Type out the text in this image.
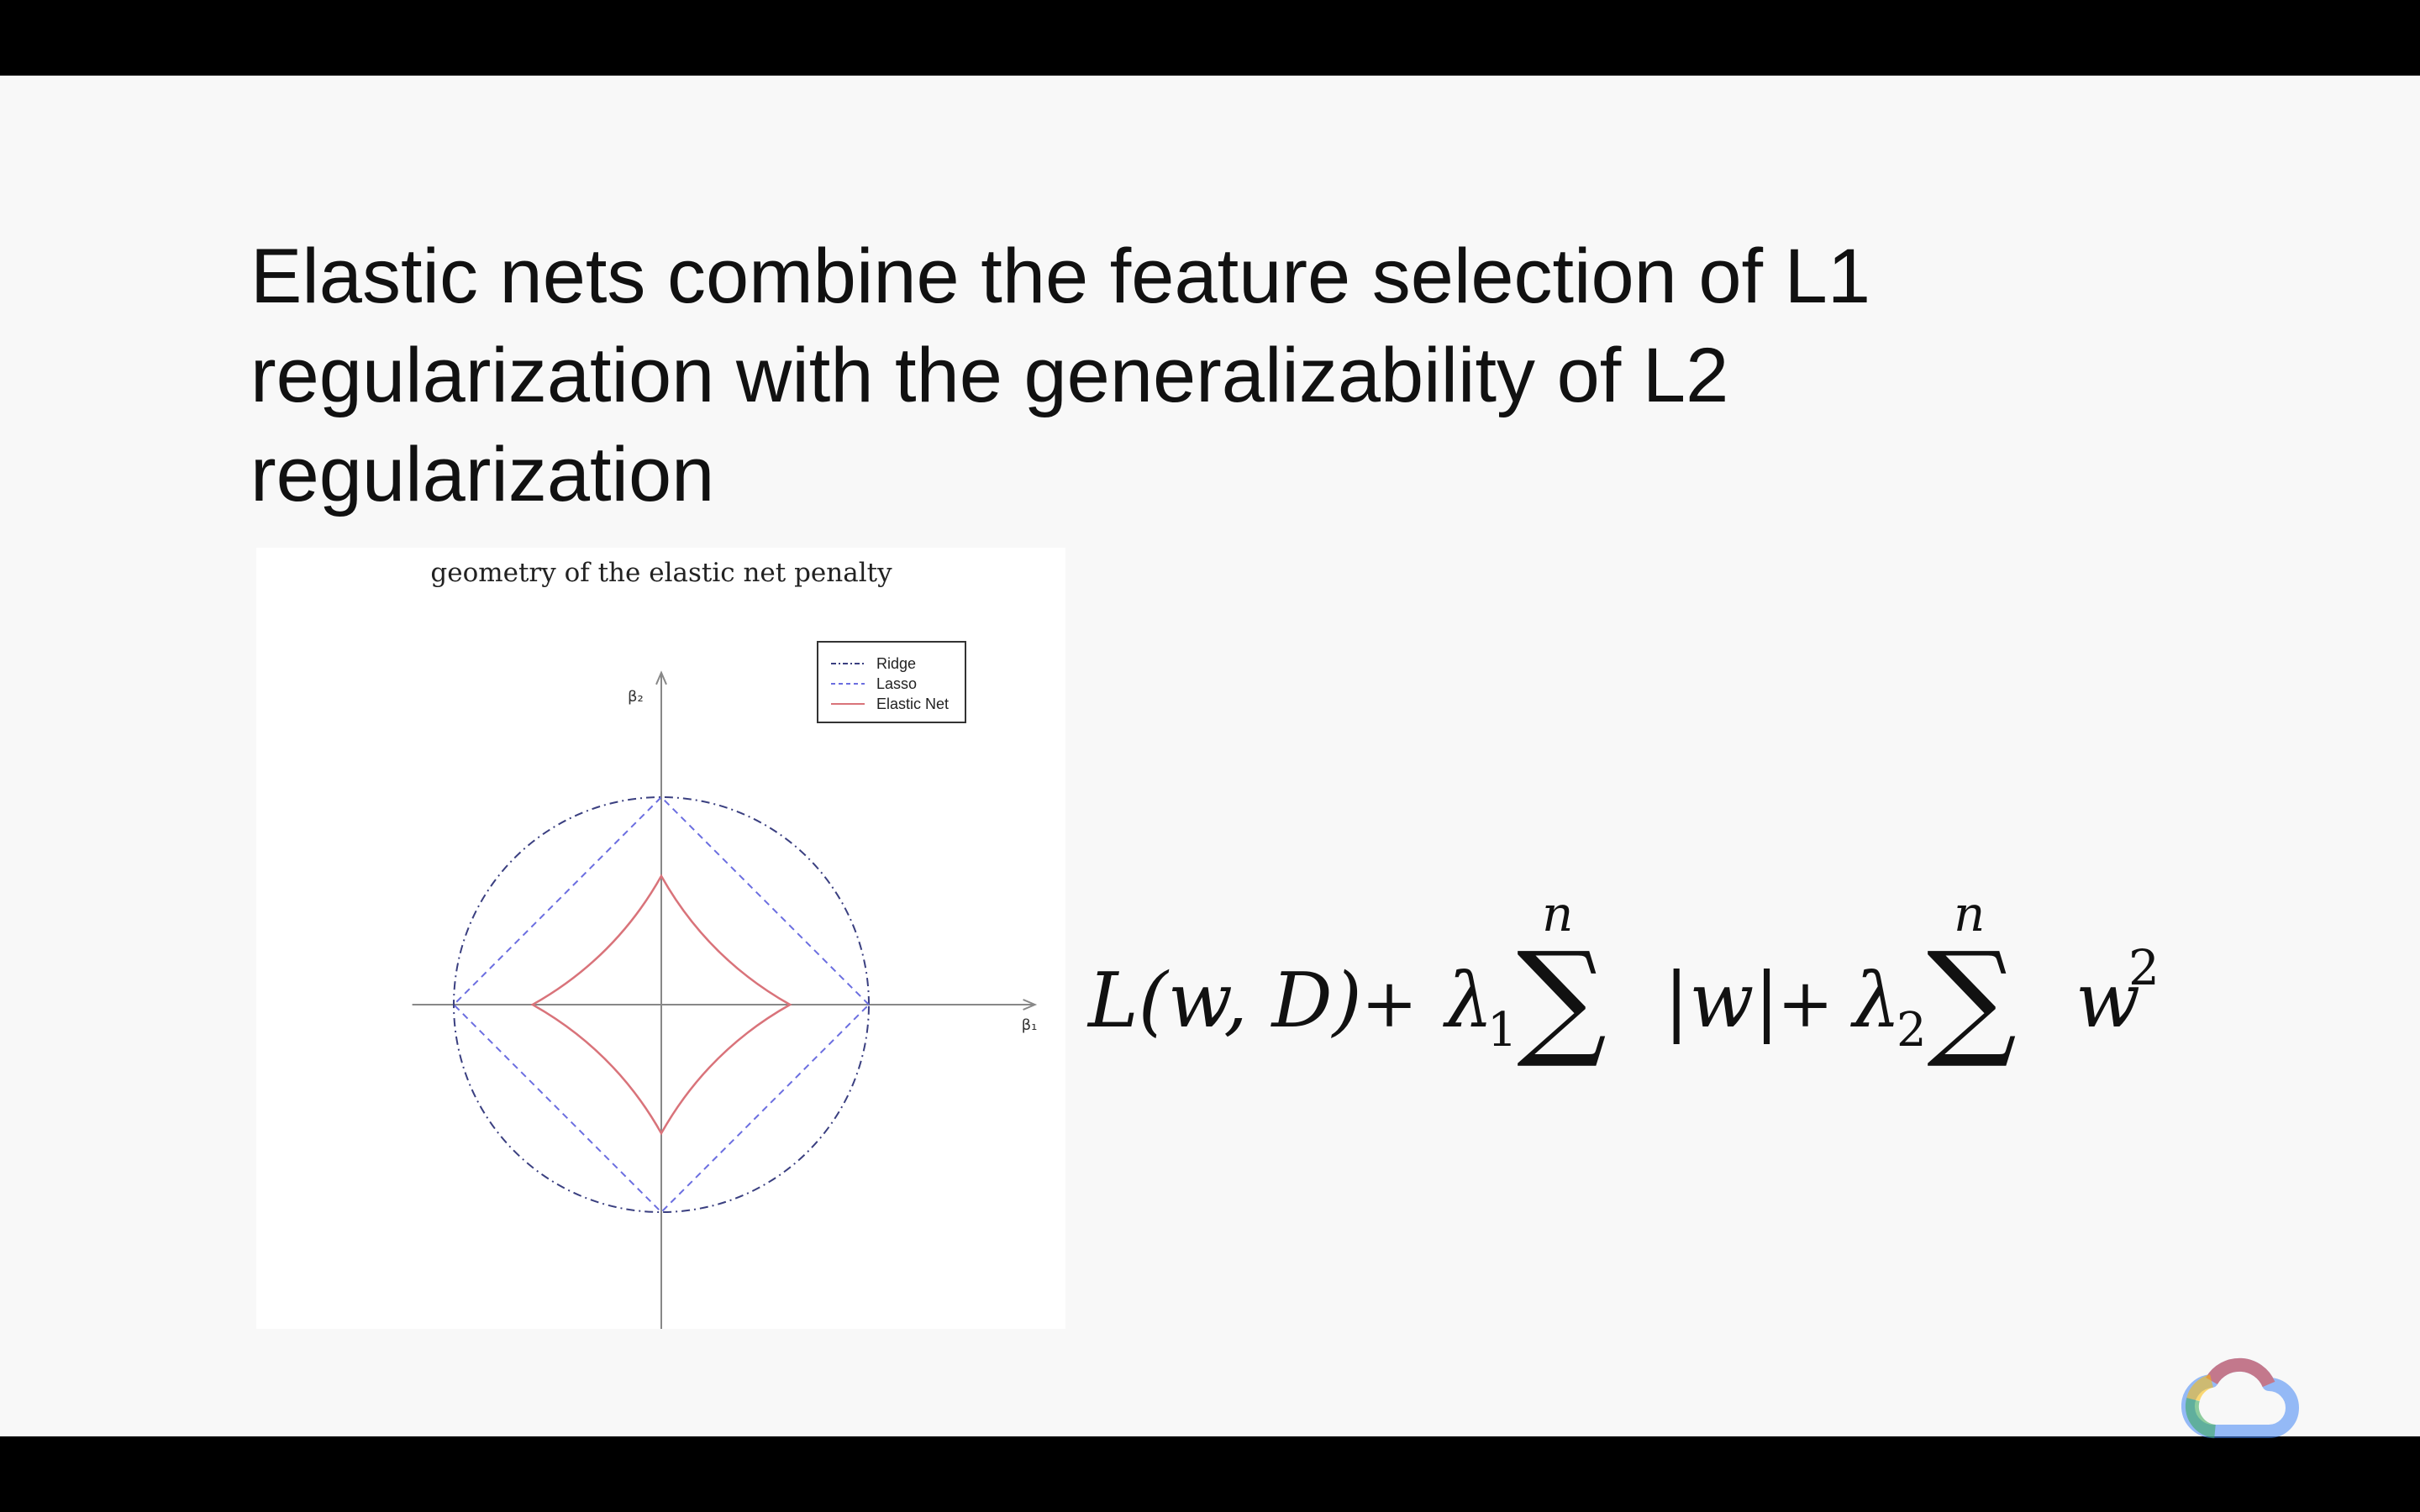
Elastic nets combine the feature selection of L1
regularization with the generalizability of L2
regularization
geometry of the elastic net penalty
β₁
β₂
Ridge
Lasso
Elastic Net
L(w, D) + λ
1
n
∑ |w|
+ λ
2
n
∑ w
2
